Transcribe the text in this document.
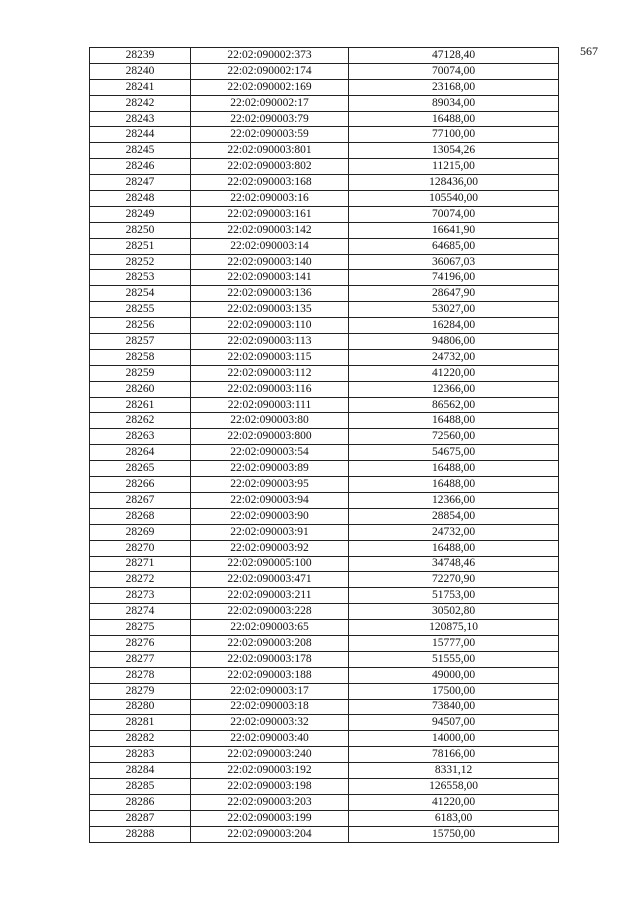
567
28239	22:02:090002:373	47128,40
28240	22:02:090002:174	70074,00
28241	22:02:090002:169	23168,00
28242	22:02:090002:17	89034,00
28243	22:02:090003:79	16488,00
28244	22:02:090003:59	77100,00
28245	22:02:090003:801	13054,26
28246	22:02:090003:802	11215,00
28247	22:02:090003:168	128436,00
28248	22:02:090003:16	105540,00
28249	22:02:090003:161	70074,00
28250	22:02:090003:142	16641,90
28251	22:02:090003:14	64685,00
28252	22:02:090003:140	36067,03
28253	22:02:090003:141	74196,00
28254	22:02:090003:136	28647,90
28255	22:02:090003:135	53027,00
28256	22:02:090003:110	16284,00
28257	22:02:090003:113	94806,00
28258	22:02:090003:115	24732,00
28259	22:02:090003:112	41220,00
28260	22:02:090003:116	12366,00
28261	22:02:090003:111	86562,00
28262	22:02:090003:80	16488,00
28263	22:02:090003:800	72560,00
28264	22:02:090003:54	54675,00
28265	22:02:090003:89	16488,00
28266	22:02:090003:95	16488,00
28267	22:02:090003:94	12366,00
28268	22:02:090003:90	28854,00
28269	22:02:090003:91	24732,00
28270	22:02:090003:92	16488,00
28271	22:02:090005:100	34748,46
28272	22:02:090003:471	72270,90
28273	22:02:090003:211	51753,00
28274	22:02:090003:228	30502,80
28275	22:02:090003:65	120875,10
28276	22:02:090003:208	15777,00
28277	22:02:090003:178	51555,00
28278	22:02:090003:188	49000,00
28279	22:02:090003:17	17500,00
28280	22:02:090003:18	73840,00
28281	22:02:090003:32	94507,00
28282	22:02:090003:40	14000,00
28283	22:02:090003:240	78166,00
28284	22:02:090003:192	8331,12
28285	22:02:090003:198	126558,00
28286	22:02:090003:203	41220,00
28287	22:02:090003:199	6183,00
28288	22:02:090003:204	15750,00
